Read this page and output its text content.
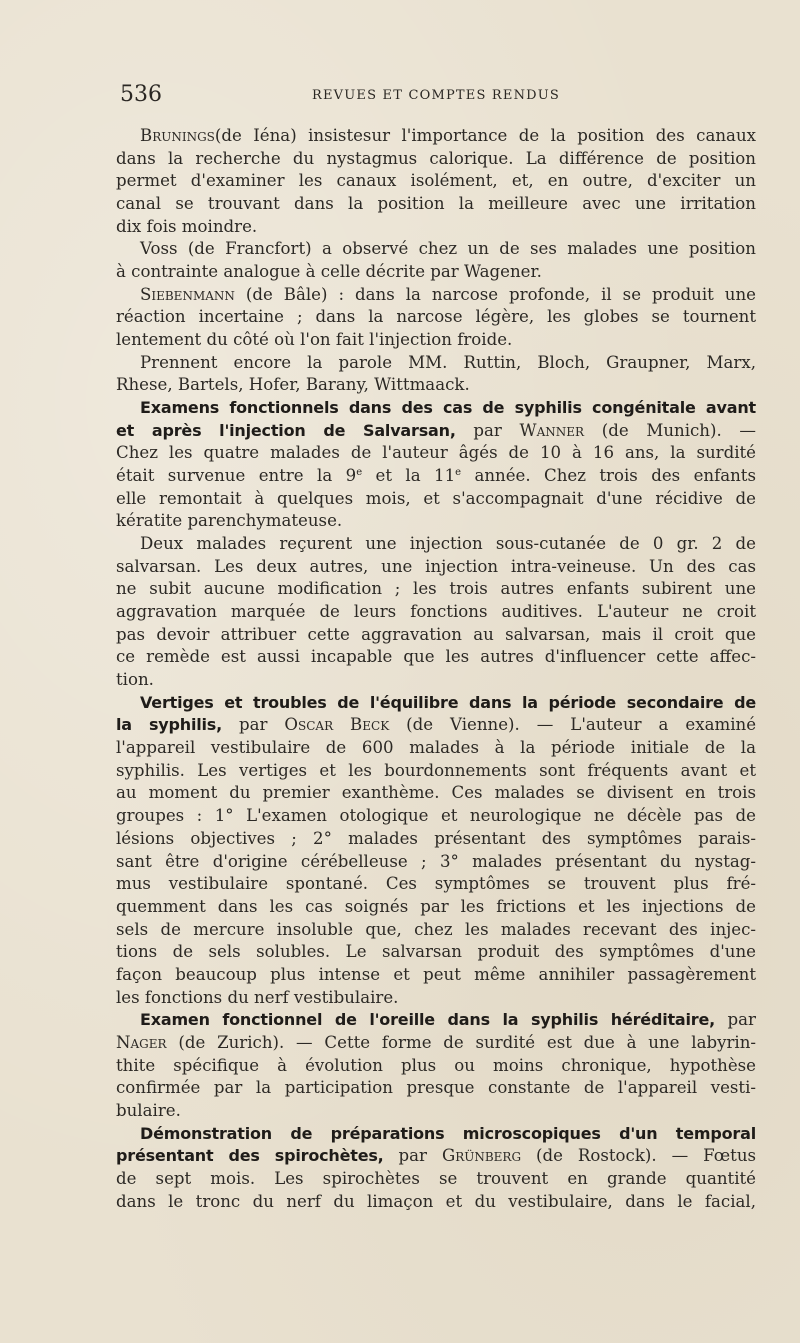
536	REVUES ET COMPTES RENDUS
Brunings(de Iéna) insistesur l'importance de la position des canaux
dans la recherche du nystagmus calorique. La différence de position
permet d'examiner les canaux isolément, et, en outre, d'exciter un
canal se trouvant dans la position la meilleure avec une irritation
dix fois moindre.
Voss (de Francfort) a observé chez un de ses malades une position
à contrainte analogue à celle décrite par Wagener.
Siebenmann (de Bâle) : dans la narcose profonde, il se produit une
réaction incertaine ; dans la narcose légère, les globes se tournent
lentement du côté où l'on fait l'injection froide.
Prennent encore la parole MM. Ruttin, Bloch, Graupner, Marx,
Rhese, Bartels, Hofer, Barany, Wittmaack.
Examens fonctionnels dans des cas de syphilis congénitale avant
et après l'injection de Salvarsan, par Wanner (de Munich). —
Chez les quatre malades de l'auteur âgés de 10 à 16 ans, la surdité
était survenue entre la 9e et la 11e année. Chez trois des enfants
elle remontait à quelques mois, et s'accompagnait d'une récidive de
kératite parenchymateuse.
Deux malades reçurent une injection sous-cutanée de 0 gr. 2 de
salvarsan. Les deux autres, une injection intra-veineuse. Un des cas
ne subit aucune modification ; les trois autres enfants subirent une
aggravation marquée de leurs fonctions auditives. L'auteur ne croit
pas devoir attribuer cette aggravation au salvarsan, mais il croit que
ce remède est aussi incapable que les autres d'influencer cette affec-
tion.
Vertiges et troubles de l'équilibre dans la période secondaire de
la syphilis, par Oscar Beck (de Vienne). — L'auteur a examiné
l'appareil vestibulaire de 600 malades à la période initiale de la
syphilis. Les vertiges et les bourdonnements sont fréquents avant et
au moment du premier exanthème. Ces malades se divisent en trois
groupes : 1° L'examen otologique et neurologique ne décèle pas de
lésions objectives ; 2° malades présentant des symptômes parais-
sant être d'origine cérébelleuse ; 3° malades présentant du nystag-
mus vestibulaire spontané. Ces symptômes se trouvent plus fré-
quemment dans les cas soignés par les frictions et les injections de
sels de mercure insoluble que, chez les malades recevant des injec-
tions de sels solubles. Le salvarsan produit des symptômes d'une
façon beaucoup plus intense et peut même annihiler passagèrement
les fonctions du nerf vestibulaire.
Examen fonctionnel de l'oreille dans la syphilis héréditaire, par
Nager (de Zurich). — Cette forme de surdité est due à une labyrin-
thite spécifique à évolution plus ou moins chronique, hypothèse
confirmée par la participation presque constante de l'appareil vesti-
bulaire.
Démonstration de préparations microscopiques d'un temporal
présentant des spirochètes, par Grünberg (de Rostock). — Fœtus
de sept mois. Les spirochètes se trouvent en grande quantité
dans le tronc du nerf du limaçon et du vestibulaire, dans le facial,
